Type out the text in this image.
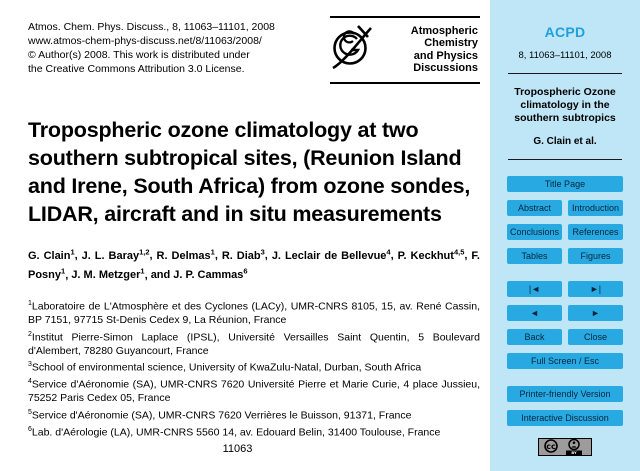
Atmos. Chem. Phys. Discuss., 8, 11063–11101, 2008
www.atmos-chem-phys-discuss.net/8/11063/2008/
© Author(s) 2008. This work is distributed under
the Creative Commons Attribution 3.0 License.
Atmospheric
Chemistry
and Physics
Discussions
Tropospheric ozone climatology at two southern subtropical sites, (Reunion Island and Irene, South Africa) from ozone sondes, LIDAR, aircraft and in situ measurements
G. Clain$^1$, J. L. Baray$^{1,2}$, R. Delmas$^1$, R. Diab$^3$, J. Leclair de Bellevue$^4$, P. Keckhut$^{4,5}$, F. Posny$^1$, J. M. Metzger$^1$, and J. P. Cammas$^6$
$^1$Laboratoire de L'Atmosphère et des Cyclones (LACy), UMR-CNRS 8105, 15, av. René Cassin, BP 7151, 97715 St-Denis Cedex 9, La Réunion, France
$^2$Institut Pierre-Simon Laplace (IPSL), Université Versailles Saint Quentin, 5 Boulevard d'Alembert, 78280 Guyancourt, France
$^3$School of environmental science, University of KwaZulu-Natal, Durban, South Africa
$^4$Service d'Aéronomie (SA), UMR-CNRS 7620 Université Pierre et Marie Curie, 4 place Jussieu, 75252 Paris Cedex 05, France
$^5$Service d'Aéronomie (SA), UMR-CNRS 7620 Verrières le Buisson, 91371, France
$^6$Lab. d'Aérologie (LA), UMR-CNRS 5560 14, av. Edouard Belin, 31400 Toulouse, France
11063
ACPD
8, 11063–11101, 2008
Tropospheric Ozone climatology in the southern subtropics
G. Clain et al.
Title Page
Abstract	Introduction
Conclusions	References
Tables	Figures
|◄	►|
◄	►
Back	Close
Full Screen / Esc
Printer-friendly Version
Interactive Discussion
cc
BY
